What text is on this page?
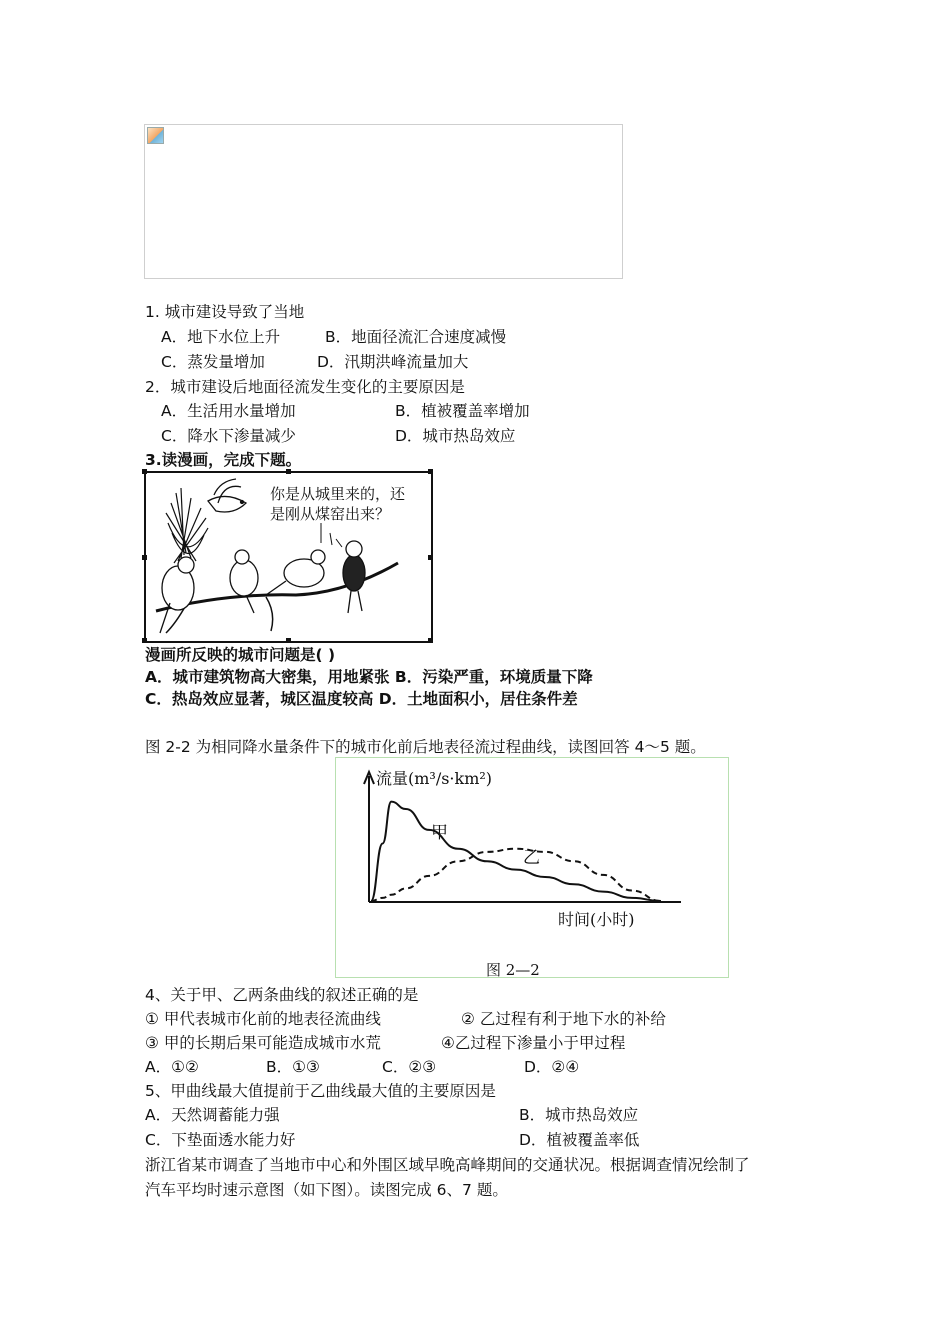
1. 城市建设导致了当地
A．地下水位上升	B．地面径流汇合速度减慢
C．蒸发量增加	D．汛期洪峰流量加大
2．城市建设后地面径流发生变化的主要原因是
A．生活用水量增加	B．植被覆盖率增加
C．降水下渗量减少	D．城市热岛效应
3.读漫画，完成下题。
你是从城里来的，还
是刚从煤窑出来？
漫画所反映的城市问题是( )
A．城市建筑物高大密集，用地紧张 B．污染严重，环境质量下降
C．热岛效应显著，城区温度较高 D．土地面积小，居住条件差
图 2-2 为相同降水量条件下的城市化前后地表径流过程曲线，读图回答 4～5 题。
流量(m³/s·km²)
时间(小时)
甲
乙
图 2—2
4、关于甲、乙两条曲线的叙述正确的是
① 甲代表城市化前的地表径流曲线	② 乙过程有利于地下水的补给
③ 甲的长期后果可能造成城市水荒	④乙过程下渗量小于甲过程
A．①②	B．①③	C．②③	D．②④
5、甲曲线最大值提前于乙曲线最大值的主要原因是
A．天然调蓄能力强	B．城市热岛效应
C．下垫面透水能力好	D．植被覆盖率低
浙江省某市调查了当地市中心和外围区域早晚高峰期间的交通状况。根据调查情况绘制了
汽车平均时速示意图（如下图）。读图完成 6、7 题。
